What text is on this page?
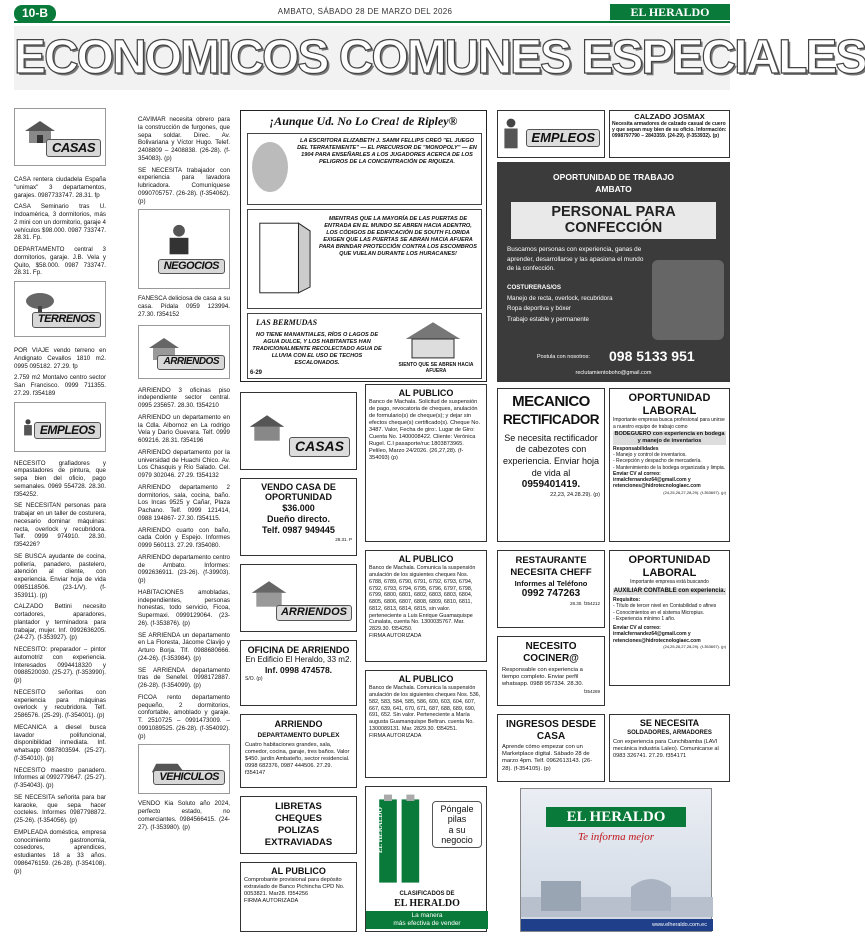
10-B	AMBATO, SÁBADO 28 DE MARZO DEL 2026	EL HERALDO
ECONOMICOS COMUNES ESPECIALES
CASAS
CASA rentera ciudadela España "unimax" 3 departamentos, garajes. 0987733747. 28.31. fp
CASA Seminario tras U. Indoamérica, 3 dormitorios, más 2 mini con un dormitorio, garaje 4 vehículos $98.000. 0987 733747. 28.31. Fp.
DEPARTAMENTO central 3 dormitorios, garaje. J.B. Vela y Quito, $58.000. 0987 733747. 28.31. Fp.
TERRENOS
POR VIAJE vendo terreno en Andignato Cevallos 1810 m2. 0995 095182. 27.29. fp
2.759 m2 Montalvo centro sector San Francisco. 0999 711355. 27.29. f354189
EMPLEOS
NECESITO grafiadores y empastadores de pintura, que sepa bien del oficio, pago semanales. 0969 554728. 28.30. f354252.
SE NECESITAN personas para trabajar en un taller de costurera, necesario dominar máquinas: recta, overlock y recubridora. Telf. 0999 974910. 28.30. f354226?
SE BUSCA ayudante de cocina, pollería, panadero, pastelero, atención al cliente, con experiencia. Enviar hoja de vida 0985118506. (23-1/V). (f-353911). (p)
CALZADO Bettini necesito cortadores, aparadores, plantador y terminadora para trabajar, mujer. Inf. 0992636205. (24-27). (f-353927). (p)
NECESITO: preparador – pintor automotriz con experiencia. Interesados 0994418320 y 0988520030. (25-27). (f-353990). (p)
NECESITO señoritas con experiencia para máquinas overlock y recubridora. Telf. 2586576. (25-29). (f-354001). (p)
MECANICA a diesel busca lavador polifuncional, disponibilidad inmediata. Inf. whatsapp 0987803594. (25-27). (f-354010). (p)
NECESITO maestro panadero. Informes al 0992779647. (25-27). (f-354043). (p)
SE NECESITA señorita para bar karaoke, que sepa hacer cocteles. Informes 0987798872. (25-26). (f-354056). (p)
EMPLEADA doméstica, empresa conocimiento gastronomía, cosedores, aprendices, estudiantes 18 a 33 años. 0986476159. (26-28). (f-354108). (p)
CAVIMAR necesita obrero para la construcción de furgones, que sepa soldar. Direc. Av. Bolivariana y Víctor Hugo. Telef. 2408809 – 2408838. (26-28). (f-354083). (p)
SE NECESITA trabajador con experiencia para lavadora lubricadora. Comuníquese 0990705757. (26-28). (f-354062). (p)
NEGOCIOS
FANESCA deliciosa de casa a su casa. Pídala 0959 123994. 27.30. f354152
ARRIENDOS
ARRIENDO 3 oficinas piso independiente sector central. 0995 235657. 28.30. f354210
ARRIENDO un departamento en la Cdla. Albornoz en La rodrigo Vela y Darío Guevara. Telf. 0999 609216. 28.31. f354196
ARRIENDO departamento por la universidad de Huachi Chico. Av. Los Chasquis y Río Salado. Cel. 0979 302046. 27.29. f354132
ARRIENDO departamento 2 dormitorios, sala, cocina, baño. Los Incas 9525 y Cañar, Plaza Pachano. Telf. 0999 121414, 0988 194867- 27.30. f354115.
ARRIENDO cuarto con baño, cada Colón y Espejo. Informes 0999 560113. 27.29. f354080.
ARRIENDO departamento centro de Ambato. Informes: 0992636911. (23-26). (f-39903). (p)
HABITACIONES amobladas, independientes, personas honestas, todo servicio, Ficoa, Supermaxi. 0999129064. (23-26). (f-353876). (p)
SE ARRIENDA un departamento en La Floresta, Jácome Clavijo y Arturo Borja. Tlf. 0988680666. (24-26). (f-353984). (p)
SE ARRIENDA departamento tras de Senefel. 0998172887. (26-28). (f-354099). (p)
FICOA rento departamento pequeño, 2 dormitorios, confortable, amoblado y garaje. T. 2510725 – 0991473009. – 0991089525. (26-28). (f-354092). (p)
VEHICULOS
VENDO Kia Soluto año 2024, perfecto estado, no comerciantes. 0984566415. (24-27). (f-353980). (p)
¡Aunque Ud. No Lo Crea! de Ripley®
LA ESCRITORA ELIZABETH J. SAMM FELLIPS CREÓ "EL JUEGO DEL TERRATENIENTE" — EL PRECURSOR DE "MONOPOLY" — EN 1904 PARA ENSEÑARLES A LOS JUGADORES ACERCA DE LOS PELIGROS DE LA CONCENTRACIÓN DE RIQUEZA.
MIENTRAS QUE LA MAYORÍA DE LAS PUERTAS DE ENTRADA EN EL MUNDO SE ABREN HACIA ADENTRO, LOS CÓDIGOS DE EDIFICACIÓN DE SOUTH FLORIDA EXIGEN QUE LAS PUERTAS SE ABRAN HACIA AFUERA PARA BRINDAR PROTECCIÓN CONTRA LOS ESCOMBROS QUE VUELAN DURANTE LOS HURACANES!
LAS BERMUDAS
NO TIENE MANANTIALES, RÍOS O LAGOS DE AGUA DULCE, Y LOS HABITANTES HAN TRADICIONALMENTE RECOLECTADO AGUA DE LLUVIA CON EL USO DE TECHOS ESCALONADOS.	SIENTO QUE SE ABREN HACIA AFUERA
6-29
CASAS
VENDO CASA DE OPORTUNIDAD
$36.000
Dueño directo.
Telf. 0987 949445
28.31. P
ARRIENDOS
OFICINA DE ARRIENDO
En Edificio El Heraldo, 33 m2.
Inf. 0998 474578.
S/O. (p)
ARRIENDO
DEPARTAMENTO DUPLEX
Cuatro habitaciones grandes, sala, comedor, cocina, garaje, tres baños. Valor $450. jardín Ambateño, sector residencial. 0998 682376, 0987 444506. 27.29. f354147
LIBRETAS
CHEQUES
POLIZAS
EXTRAVIADAS
AL PUBLICO
Comprobante provisional para depósito extraviado de Banco Pichincha CPD No. 0053821. Mar28. f354256
FIRMA AUTORIZADA
AL PUBLICO
Banco de Machala. Solicitud de suspensión de pago, revocatoria de cheques, anulación de formulario(s) de cheque(s); y dejar sin efectos cheque(s) certificado(s). Cheque No. 3487. Valor, Fecha de giro:. Lugar de Giro: Cuenta No. 1400008422. Cliente: Verónica Rugel. C.I pasaporte/ruc 1803873965. Pelileo, Marzo 24/2026. (26,27,28). (f-354093) (p)
AL PUBLICO
Banco de Machala. Comunica la suspensión anulación de los siguientes cheques Nos. 6788, 6789, 6790, 6791, 6792, 6793, 6794, 6792, 6793, 6794, 6795, 6796, 6797, 6798, 6799, 6800, 6801, 6802, 6803, 6803, 6804, 6805, 6806, 6807, 6808, 6809, 6810, 6811, 6812, 6813, 6814, 6815, sin valor. perteneciente a Luis Enrique Guamaquispe Cunalata, cuenta No. 1300035767. Mar. 2829.30. f354250.
FIRMA AUTORIZADA
AL PUBLICO
Banco de Machala. Comunica la suspensión anulación de los siguientes cheques Nos. 536, 582, 583, 584, 585, 586, 600, 603, 604, 607, 667, 639, 641, 670, 671, 687, 688, 689, 690, 691, 652. Sin valor. Perteneciente a María augusta Guamanquispe Beltran. cuenta No. 1300089131. Mar. 2829.30. f354251.
FIRMA AUTORIZADA
EL HERALDO	Póngale
pilas
a su
negocio
CLASIFICADOS DE
EL HERALDO
La manera
más efectiva de vender
EMPLEOS
CALZADO JOSMAX
Necesita armadores de calzado casual de cuero y que sepan muy bien de su oficio. Información: 0998797790 – 2843359. (24-29). (f-353932). (p)
OPORTUNIDAD DE TRABAJO AMBATO
PERSONAL PARA CONFECCIÓN
Buscamos personas con experiencia, ganas de aprender, desarrollarse y las apasiona el mundo de la confección.
COSTURERAS/OS
Manejo de recta, overlock, recubridora
Ropa deportiva y bóxer
Trabajo estable y permanente
Postula con nosotros: 098 5133 951
reclutamientoboho@gmail.com
MECANICO
RECTIFICADOR
Se necesita rectificador de cabezotes con experiencia. Enviar hoja de vida al
0959401419.
22,23, 24.28.29). (p)
RESTAURANTE NECESITA CHEFF
Informes al Teléfono
0992 747263
28.30. f354212
NECESITO COCINER@
Responsable con experiencia a tiempo completo. Enviar perfil whatsapp. 0988 957334. 28.30.
f354269
INGRESOS DESDE CASA
Aprende cómo empezar con un Marketplace digital. Sábado 28 de marzo 4pm. Telf. 0962613143. (26-28). (f-354105). (p)
OPORTUNIDAD LABORAL
Importante empresa busca profesional para unirse a nuestro equipo de trabajo como
BODEGUERO con experiencia en bodega y manejo de inventarios
Responsabilidades
- Manejo y control de inventarios.
- Recepción y despacho de mercadería.
- Mantenimiento de la bodega organizada y limpia.
Enviar CV al correo:
irmalcfernandez64@gmail.com y retenciones@hidrotecnologiaec.com
(24,25,26,27,28,29). (f-353697). (p)
OPORTUNIDAD LABORAL
Importante empresa está buscando
AUXILIAR CONTABLE con experiencia.
Requisitos:
- Título de tercer nivel en Contabilidad o afines
- Conocimientos en el sistema Micropius.
- Experiencia mínimo 1 año.
Enviar CV al correo:
irmalcfernandez64@gmail.com y retenciones@hidrotecnologiaec.com
(24,25,26,27,28,29). (f-353697). (p)
SE NECESITA
SOLDADORES, ARMADORES
Con experiencia para Cunchibamba (LAVI mecánica industria Laleo). Comunicarse al 0983 326741. 27.29. f354171
EL HERALDO
Te informa mejor
www.elheraldo.com.ec
